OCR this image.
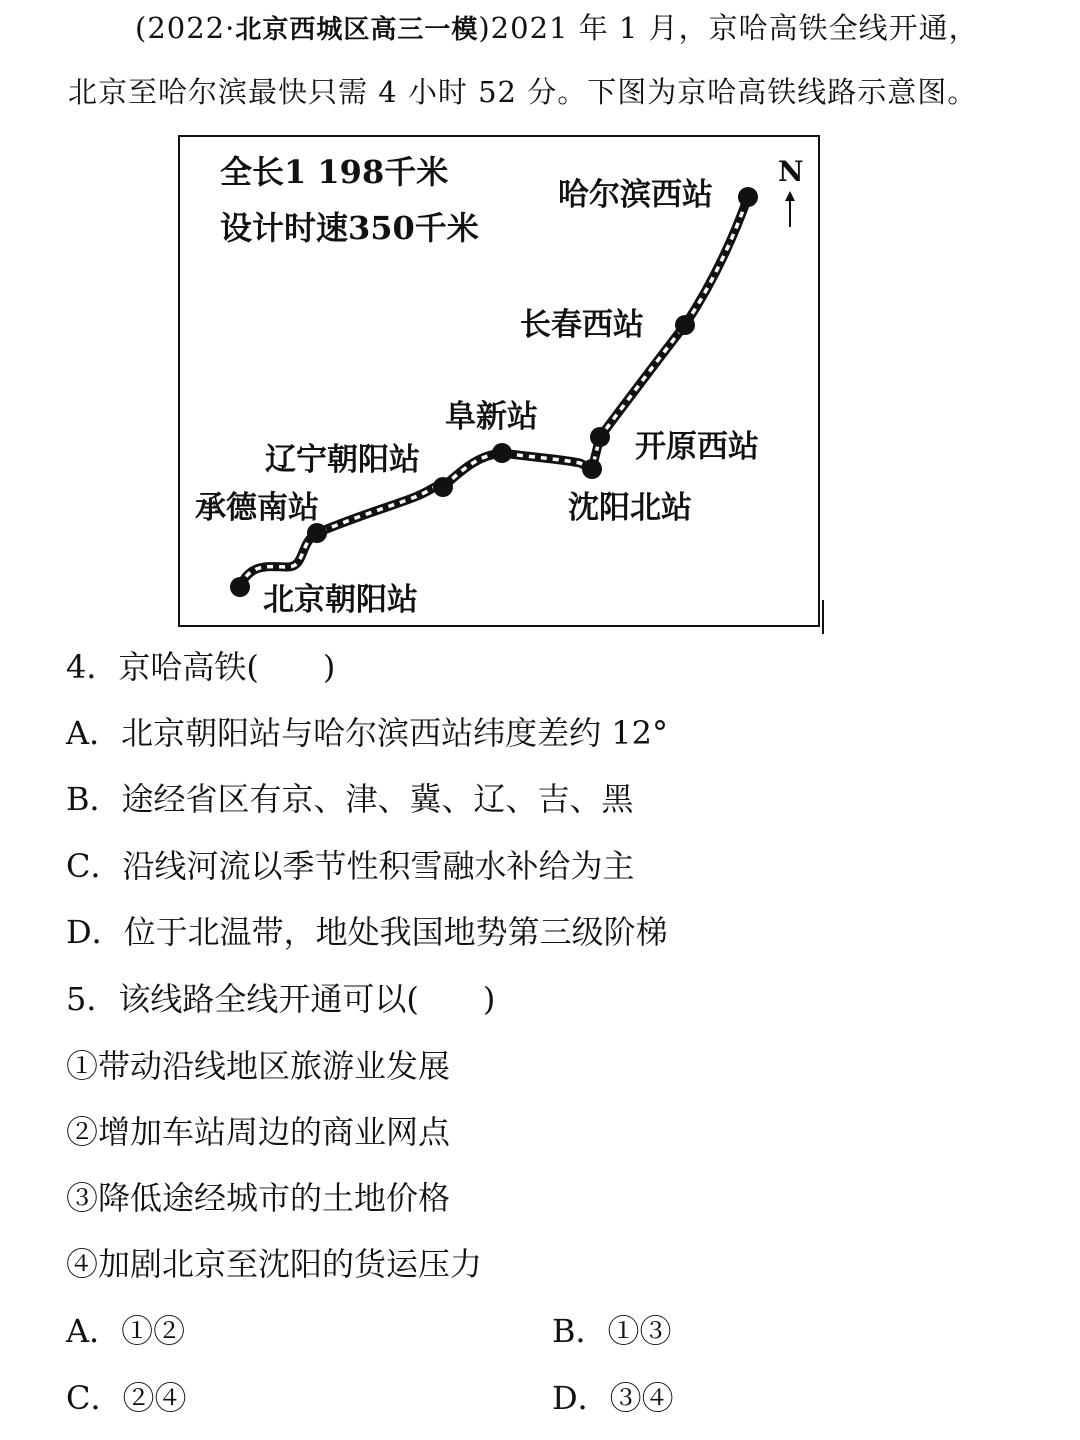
(2022·北京西城区高三一模)2021 年 1 月，京哈高铁全线开通，
北京至哈尔滨最快只需 4 小时 52 分。下图为京哈高铁线路示意图。
全长1 198千米
设计时速350千米
N
哈尔滨西站
长春西站
阜新站
开原西站
辽宁朝阳站
承德南站	沈阳北站
北京朝阳站
4．京哈高铁(　　)
A．北京朝阳站与哈尔滨西站纬度差约 12°
B．途经省区有京、津、冀、辽、吉、黑
C．沿线河流以季节性积雪融水补给为主
D．位于北温带，地处我国地势第三级阶梯
5．该线路全线开通可以(　　)
①带动沿线地区旅游业发展
②增加车站周边的商业网点
③降低途经城市的土地价格
④加剧北京至沈阳的货运压力
A．①②	B．①③
C．②④	D．③④
